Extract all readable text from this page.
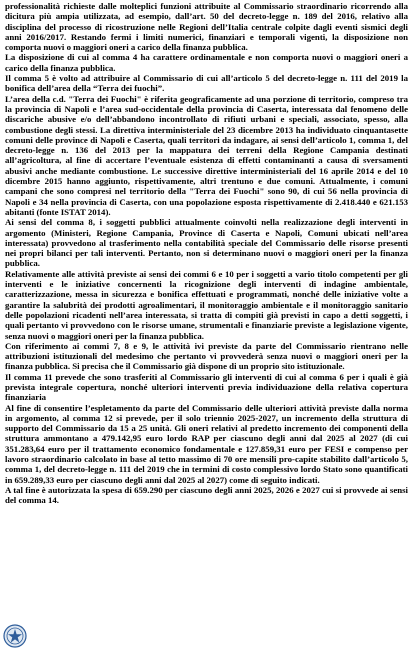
professionalità richieste dalle molteplici funzioni attribuite al Commissario straordinario ricorrendo alla dicitura più ampia utilizzata, ad esempio, dall’art. 50 del decreto-legge n. 189 del 2016, relativo alla disciplina del processo di ricostruzione nelle Regioni dell’Italia centrale colpite dagli eventi sismici degli anni 2016/2017. Restando fermi i limiti numerici, finanziari e temporali vigenti, la disposizione non comporta nuovi o maggiori oneri a carico della finanza pubblica.

La disposizione di cui al comma 4 ha carattere ordinamentale e non comporta nuovi o maggiori oneri a carico della finanza pubblica.

Il comma 5 è volto ad attribuire al Commissario di cui all’articolo 5 del decreto-legge n. 111 del 2019 la bonifica dell’area della “Terra dei fuochi”.

L’area della c.d. "Terra dei Fuochi" è riferita geograficamente ad una porzione di territorio, compreso tra la provincia di Napoli e l’area sud-occidentale della provincia di Caserta, interessata dal fenomeno delle discariche abusive e/o dell’abbandono incontrollato di rifiuti urbani e speciali, associato, spesso, alla combustione degli stessi. La direttiva interministeriale del 23 dicembre 2013 ha individuato cinquantasette comuni delle province di Napoli e Caserta, quali territori da indagare, ai sensi dell’articolo 1, comma 1, del decreto-legge n. 136 del 2013 per la mappatura dei terreni della Regione Campania destinati all’agricoltura, al fine di accertare l’eventuale esistenza di effetti contaminanti a causa di sversamenti abusivi anche mediante combustione. Le successive direttive interministeriali del 16 aprile 2014 e del 10 dicembre 2015 hanno aggiunto, rispettivamente, altri trentuno e due comuni. Attualmente, i comuni campani che sono compresi nel territorio della "Terra dei Fuochi" sono 90, di cui 56 nella provincia di Napoli e 34 nella provincia di Caserta, con una popolazione esposta rispettivamente di 2.418.440 e 621.153 abitanti (fonte ISTAT 2014).

Ai sensi del comma 8, i soggetti pubblici attualmente coinvolti nella realizzazione degli interventi in argomento (Ministeri, Regione Campania, Province di Caserta e Napoli, Comuni ubicati nell’area interessata) provvedono al trasferimento nella contabilità speciale del Commissario delle risorse presenti nei propri bilanci per tali interventi. Pertanto, non si determinano nuovi o maggiori oneri per la finanza pubblica.

Relativamente alle attività previste ai sensi dei commi 6 e 10 per i soggetti a vario titolo competenti per gli interventi e le iniziative concernenti la ricognizione degli interventi di indagine ambientale, caratterizzazione, messa in sicurezza e bonifica effettuati e programmati, nonché delle iniziative volte a garantire la salubrità dei prodotti agroalimentari, il monitoraggio ambientale e il monitoraggio sanitario delle popolazioni ricadenti nell’area interessata, si tratta di compiti già previsti in capo a detti soggetti, i quali pertanto vi provvedono con le risorse umane, strumentali e finanziarie previste a legislazione vigente, senza nuovi o maggiori oneri per la finanza pubblica.

Con riferimento ai commi 7, 8 e 9, le attività ivi previste da parte del Commissario rientrano nelle attribuzioni istituzionali del medesimo che pertanto vi provvederà senza nuovi o maggiori oneri per la finanza pubblica. Si precisa che il Commissario già dispone di un proprio sito istituzionale.

Il comma 11 prevede che sono trasferiti al Commissario gli interventi di cui al comma 6 per i quali è già prevista integrale copertura, nonché ulteriori interventi previa individuazione della relativa copertura finanziaria

Al fine di consentire l’espletamento da parte del Commissario delle ulteriori attività previste dalla norma in argomento, al comma 12 si prevede, per il solo triennio 2025-2027, un incremento della struttura di supporto del Commissario da 15 a 25 unità. Gli oneri relativi al predetto incremento dei componenti della struttura ammontano a 479.142,95 euro lordo RAP per ciascuno degli anni dal 2025 al 2027 (di cui 351.283,64 euro per il trattamento economico fondamentale e 127.859,31 euro per FESI e compenso per lavoro straordinario calcolato in base al tetto massimo di 70 ore mensili pro-capite stabilito dall’articolo 5, comma 1, del decreto-legge n. 111 del 2019 che in termini di costo complessivo lordo Stato sono quantificati in 659.289,33 euro per ciascuno degli anni dal 2025 al 2027) come di seguito indicati.

A tal fine è autorizzata la spesa di 659.290 per ciascuno degli anni 2025, 2026 e 2027 cui si provvede ai sensi del comma 14.
